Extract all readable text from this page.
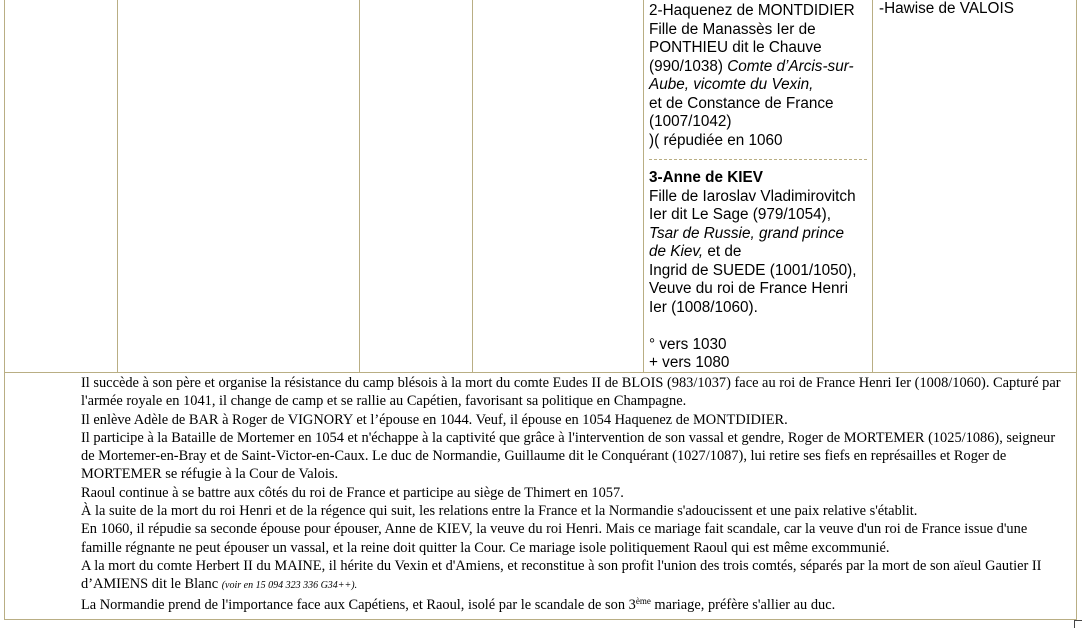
2-Haquenez de MONTDIDIER

Fille de Manassès Ier de

PONTHIEU dit le Chauve

(990/1038) Comte d’Arcis-sur-

Aube, vicomte du Vexin,

et de Constance de France

(1007/1042)

)( répudiée en 1060

3-Anne de KIEV

Fille de Iaroslav Vladimirovitch

Ier dit Le Sage (979/1054),

Tsar de Russie, grand prince

de Kiev, et de

Ingrid de SUEDE (1001/1050),

Veuve du roi de France Henri

Ier (1008/1060).

° vers 1030

+ vers 1080

-Hawise de VALOIS

Il succède à son père et organise la résistance du camp blésois à la mort du comte Eudes II de BLOIS (983/1037) face au roi de France Henri Ier (1008/1060). Capturé par l'armée royale en 1041, il change de camp et se rallie au Capétien, favorisant sa politique en Champagne.

Il enlève Adèle de BAR à Roger de VIGNORY et l’épouse en 1044. Veuf, il épouse en 1054 Haquenez de MONTDIDIER.

Il participe à la Bataille de Mortemer en 1054 et n'échappe à la captivité que grâce à l'intervention de son vassal et gendre, Roger de MORTEMER (1025/1086), seigneur de Mortemer-en-Bray et de Saint-Victor-en-Caux. Le duc de Normandie, Guillaume dit le Conquérant (1027/1087), lui retire ses fiefs en représailles et Roger de MORTEMER se réfugie à la Cour de Valois.

Raoul continue à se battre aux côtés du roi de France et participe au siège de Thimert en 1057.

À la suite de la mort du roi Henri et de la régence qui suit, les relations entre la France et la Normandie s'adoucissent et une paix relative s'établit.

En 1060, il répudie sa seconde épouse pour épouser, Anne de KIEV, la veuve du roi Henri. Mais ce mariage fait scandale, car la veuve d'un roi de France issue d'une famille régnante ne peut épouser un vassal, et la reine doit quitter la Cour. Ce mariage isole politiquement Raoul qui est même excommunié.

A la mort du comte Herbert II du MAINE, il hérite du Vexin et d'Amiens, et reconstitue à son profit l'union des trois comtés, séparés par la mort de son aïeul Gautier II d’AMIENS dit le Blanc (voir en 15 094 323 336 G34++).

La Normandie prend de l'importance face aux Capétiens, et Raoul, isolé par le scandale de son 3ème mariage, préfère s'allier au duc.
